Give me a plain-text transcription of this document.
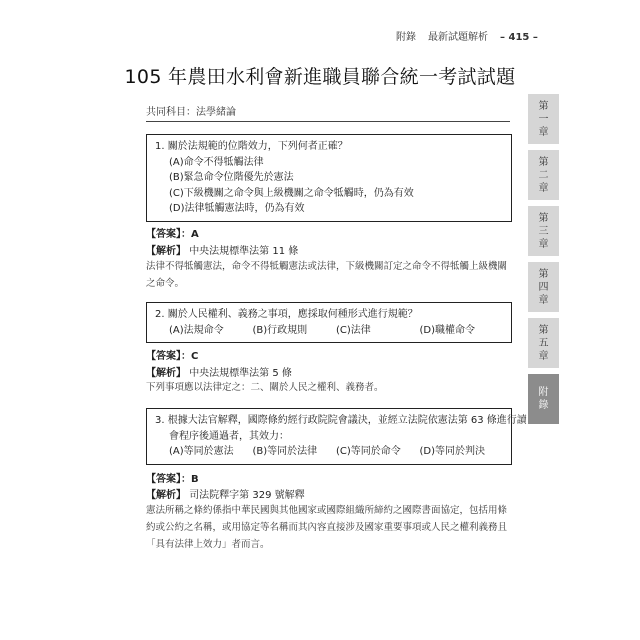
附錄 最新試題解析 – 415 –
105 年農田水利會新進職員聯合統一考試試題
共同科目：法學緒論
1. 關於法規範的位階效力，下列何者正確？
(A)命令不得牴觸法律
(B)緊急命令位階優先於憲法
(C)下級機關之命令與上級機關之命令牴觸時，仍為有效
(D)法律牴觸憲法時，仍為有效
【答案】：A
【解析】 中央法規標準法第 11 條
法律不得牴觸憲法，命令不得牴觸憲法或法律，下級機關訂定之命令不得牴觸上級機關之命令。
2. 關於人民權利、義務之事項，應採取何種形式進行規範？
(A)法規命令	(B)行政規則	(C)法律	(D)職權命令
【答案】：C
【解析】 中央法規標準法第 5 條
下列事項應以法律定之：二、關於人民之權利、義務者。
3. 根據大法官解釋，國際條約經行政院院會議決，並經立法院依憲法第 63 條進行讀
會程序後通過者，其效力：
(A)等同於憲法	(B)等同於法律	(C)等同於命令	(D)等同於判決
【答案】：B
【解析】 司法院釋字第 329 號解釋
憲法所稱之條約係指中華民國與其他國家或國際組織所締約之國際書面協定，包括用條約或公約之名稱，或用協定等名稱而其內容直接涉及國家重要事項或人民之權利義務且「具有法律上效力」者而言。
第
一
章
第
二
章
第
三
章
第
四
章
第
五
章
附
錄
